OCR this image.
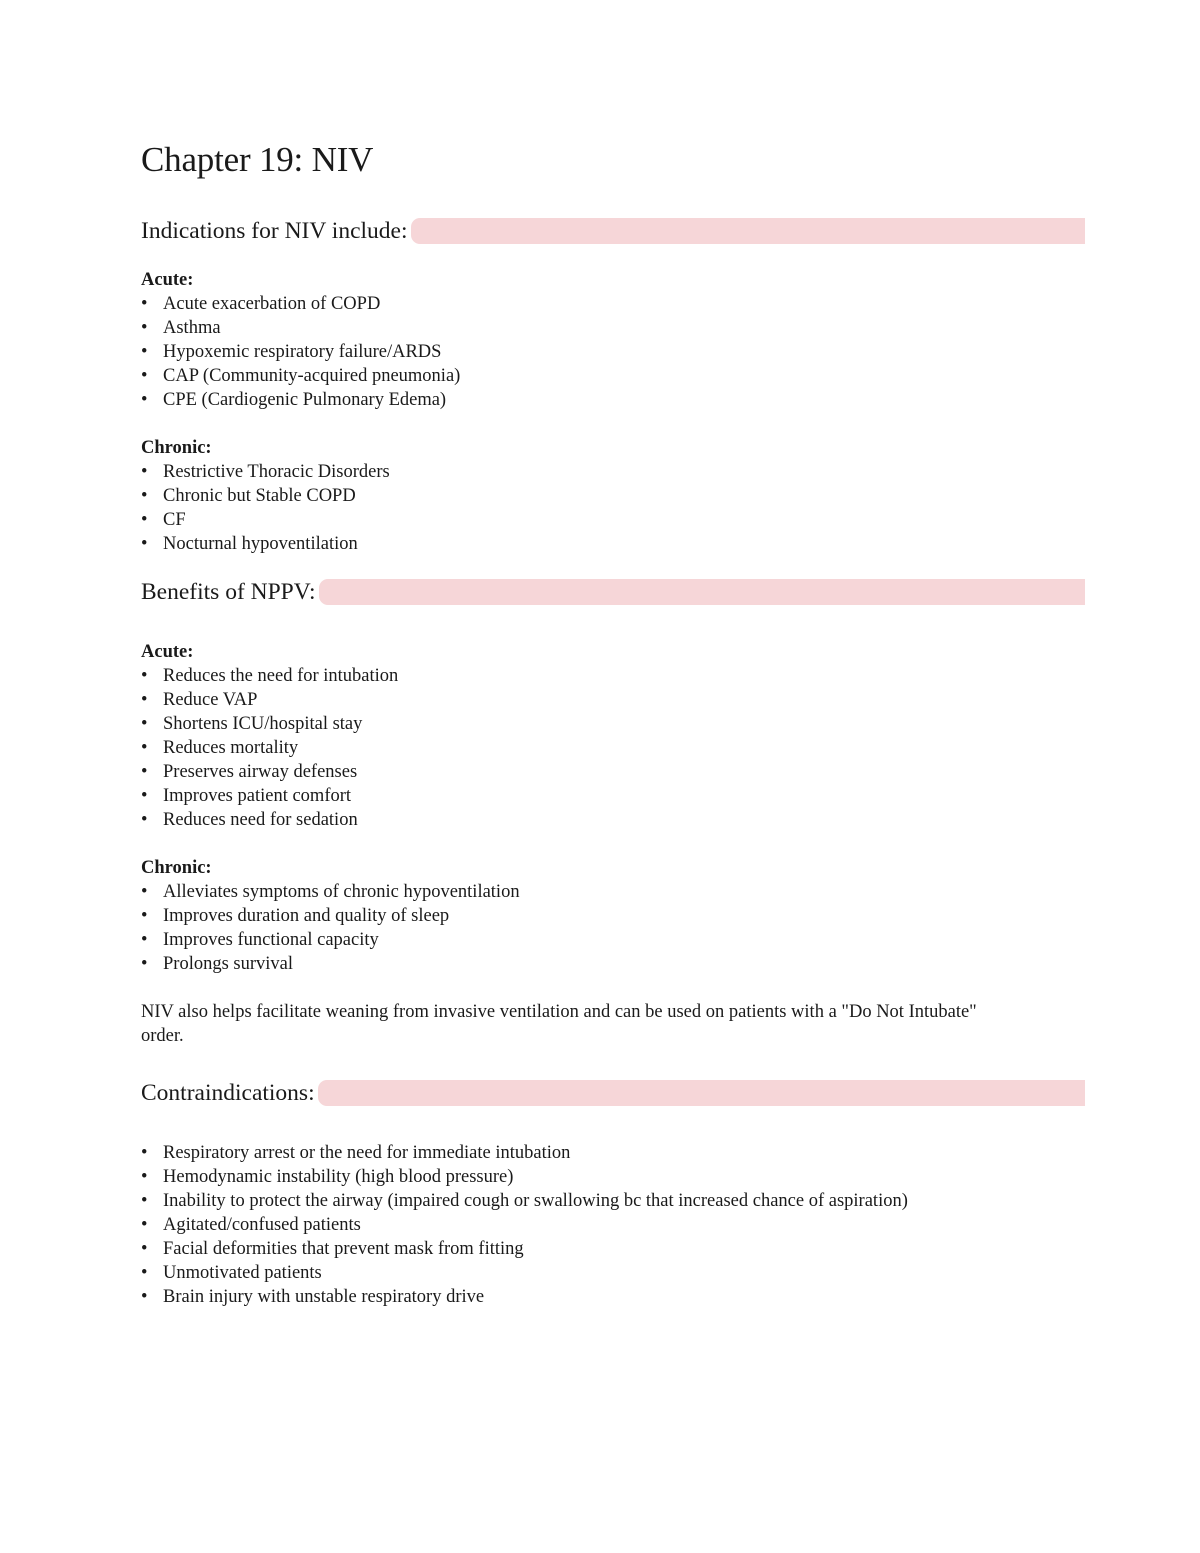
Chapter 19: NIV
Indications for NIV include:
Acute:
• Acute exacerbation of COPD
• Asthma
• Hypoxemic respiratory failure/ARDS
• CAP (Community-acquired pneumonia)
• CPE (Cardiogenic Pulmonary Edema)
Chronic:
• Restrictive Thoracic Disorders
• Chronic but Stable COPD
• CF
• Nocturnal hypoventilation
Benefits of NPPV:
Acute:
• Reduces the need for intubation
• Reduce VAP
• Shortens ICU/hospital stay
• Reduces mortality
• Preserves airway defenses
• Improves patient comfort
• Reduces need for sedation
Chronic:
• Alleviates symptoms of chronic hypoventilation
• Improves duration and quality of sleep
• Improves functional capacity
• Prolongs survival
NIV also helps facilitate weaning from invasive ventilation and can be used on patients with a "Do Not Intubate" order.
Contraindications:
• Respiratory arrest or the need for immediate intubation
• Hemodynamic instability (high blood pressure)
• Inability to protect the airway (impaired cough or swallowing bc that increased chance of aspiration)
• Agitated/confused patients
• Facial deformities that prevent mask from fitting
• Unmotivated patients
• Brain injury with unstable respiratory drive
